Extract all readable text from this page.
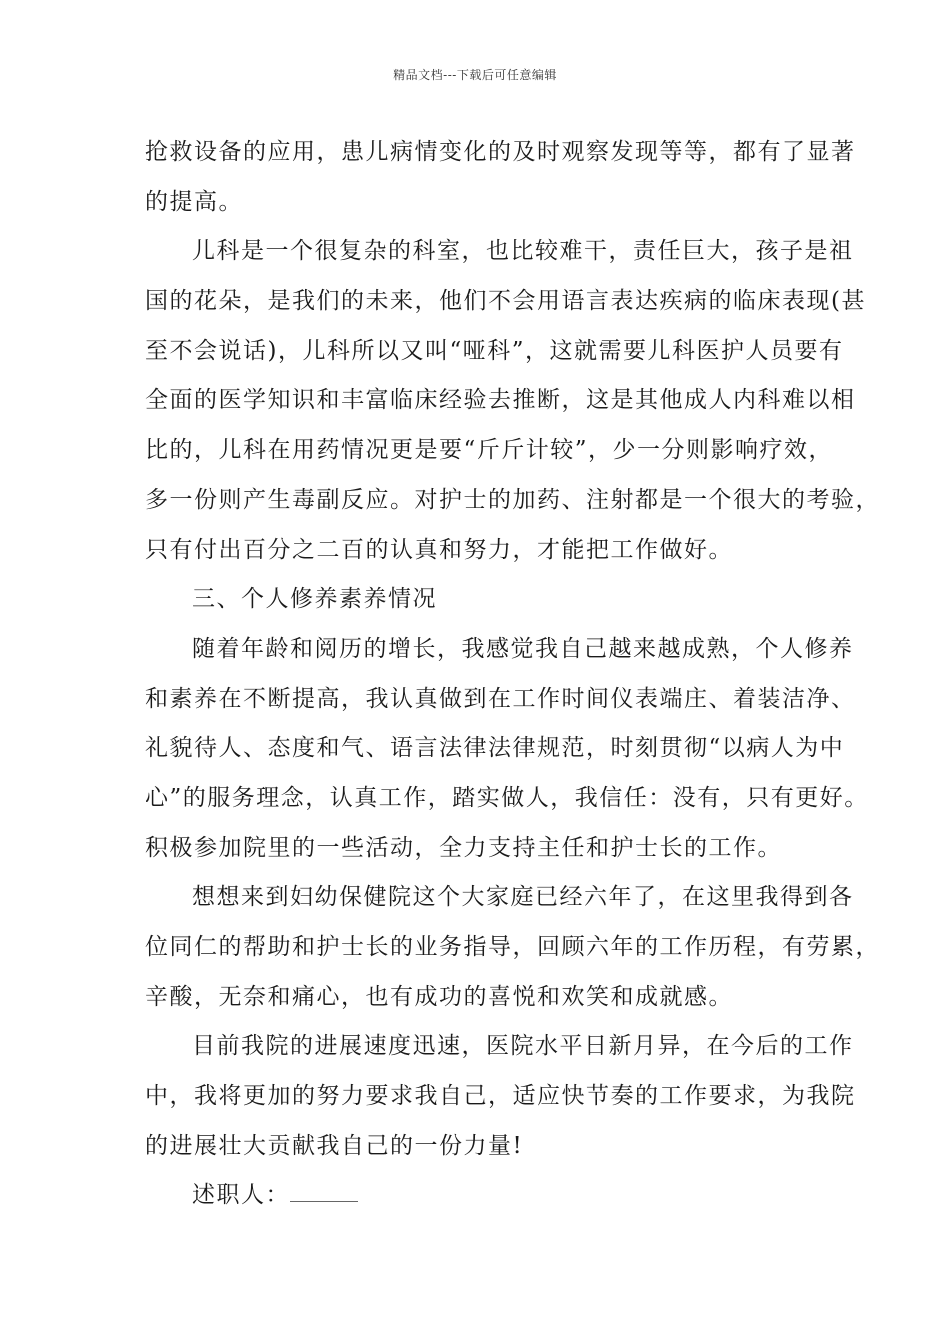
精品文档---下载后可任意编辑
抢救设备的应用，患儿病情变化的及时观察发现等等，都有了显著
的提高。
儿科是一个很复杂的科室，也比较难干，责任巨大，孩子是祖
国的花朵，是我们的未来，他们不会用语言表达疾病的临床表现(甚
至不会说话)，儿科所以又叫“哑科”，这就需要儿科医护人员要有
全面的医学知识和丰富临床经验去推断，这是其他成人内科难以相
比的，儿科在用药情况更是要“斤斤计较”，少一分则影响疗效，
多一份则产生毒副反应。对护士的加药、注射都是一个很大的考验，
只有付出百分之二百的认真和努力，才能把工作做好。
三、个人修养素养情况
随着年龄和阅历的增长，我感觉我自己越来越成熟，个人修养
和素养在不断提高，我认真做到在工作时间仪表端庄、着装洁净、
礼貌待人、态度和气、语言法律法律规范，时刻贯彻“以病人为中
心”的服务理念，认真工作，踏实做人，我信任：没有，只有更好。
积极参加院里的一些活动，全力支持主任和护士长的工作。
想想来到妇幼保健院这个大家庭已经六年了，在这里我得到各
位同仁的帮助和护士长的业务指导，回顾六年的工作历程，有劳累，
辛酸，无奈和痛心，也有成功的喜悦和欢笑和成就感。
目前我院的进展速度迅速，医院水平日新月异，在今后的工作
中，我将更加的努力要求我自己，适应快节奏的工作要求，为我院
的进展壮大贡献我自己的一份力量!
述职人：
